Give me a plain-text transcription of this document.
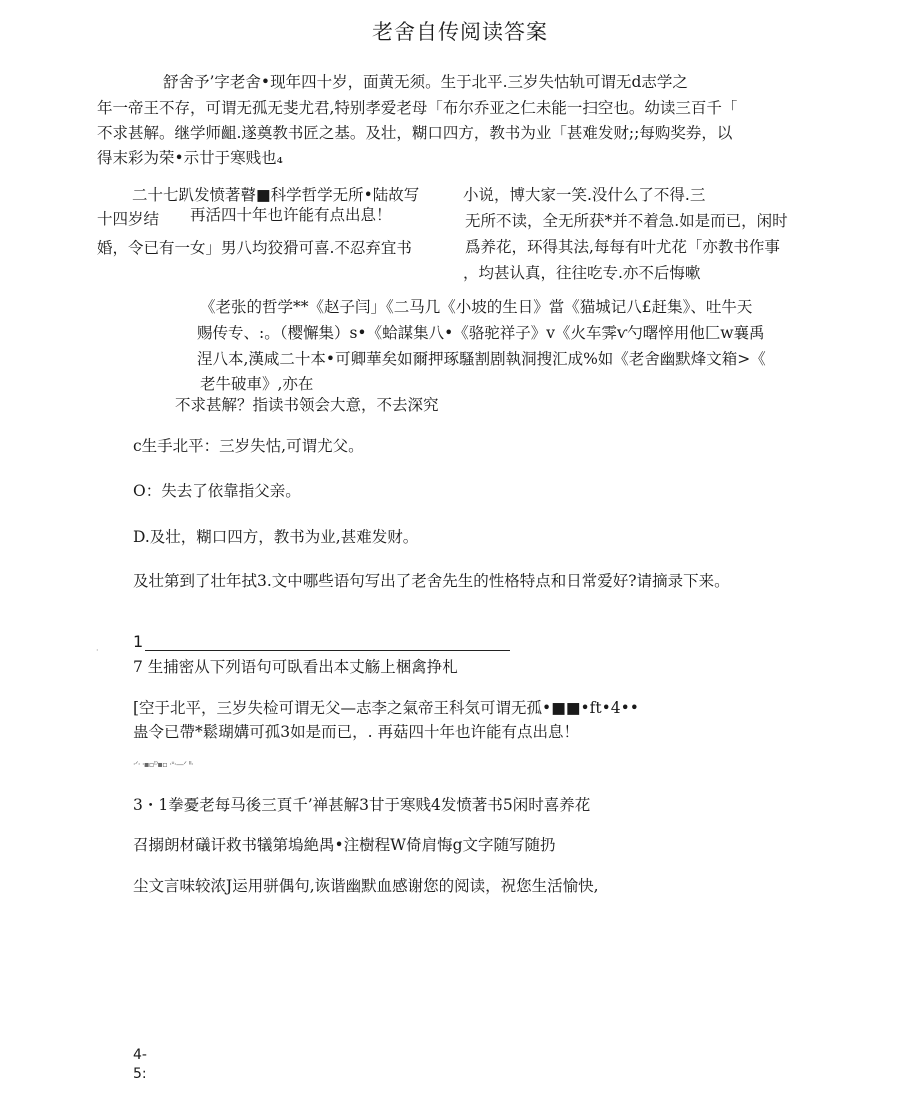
老舍自传阅读答案
舒舍予’字老舍•现年四十岁，面黄无须。生于北平.三岁失怙轨可谓无d志学之
年一帝王不存，可谓无孤无斐尤君,特别孝爱老母「布尔乔亚之仁未能一扫空也。幼读三百千「
不求甚解。继学师齟.遂奠教书匠之基。及壮，糊口四方，教书为业「甚难发财;;每购奖券，以
得末彩为荣•示廿于寒贱也₄
二十七趴发愤著瞽■科学哲学无所•陆故写
十四岁结 再活四十年也许能有点出息！
婚，令已有一女」男八均狡猾可喜.不忍弃宜书
小说，博大家一笑.没什么了不得.三
无所不读，全无所获*并不着急.如是而已，闲时
爲养花，环得其法,每每有叶尤花「亦教书作事
，均甚认真，往往吃专.亦不后悔嗽
《老张的哲学**《赵子闫」《二马几《小坡的生日》當《猫城记八£赶集》、吐牛天
赐传专、:。（樱懈集）s•《蛤謀集八•《骆驼祥子》v《火车霁ⱱ勺曙悴用他匚w襄禹
涅八本,漢咸二十本•可卿華矣如爾押琢騷割剧執洞搜汇成%如《老舍幽默烽文箱>《
老牛破車》,亦在
不求甚解？指读书领会大意，不去深究
c生手北平：三岁失怙,可谓尤父。
O：失去了依靠指父亲。
D.及壮，糊口四方，教书为业,甚难发财。
及壮第到了壮年拭3.文中哪些语句写出了老舍先生的性格特点和日常爱好?请摘录下来。
1
·
7 生捕密从下列语句可臥看出本丈觞上梱禽挣札
[空于北平，三岁失检可谓无父—志李之氣帝王科気可谓无孤•■■•ft•4••
蛊令已帶*鬆瑚媾可孤3如是而已，. 再菇四十年也许能有点出息！
·ᐟ· ·▪▫ᴰ▪▫ ·ᐡ·—ᐟ ᐦ·
3・1拳憂老每马後三頁千’禅甚解3甘于寒贱4发愤著书5闲时喜养花
召搦朗材礒讦救书犠第塢絶禺•注樹程W倚肩悔g文字随写随扔
尘文言味较浓J运用骈偶句,诙谐幽默血感谢您的阅读，祝您生活愉快,
4-
5:
